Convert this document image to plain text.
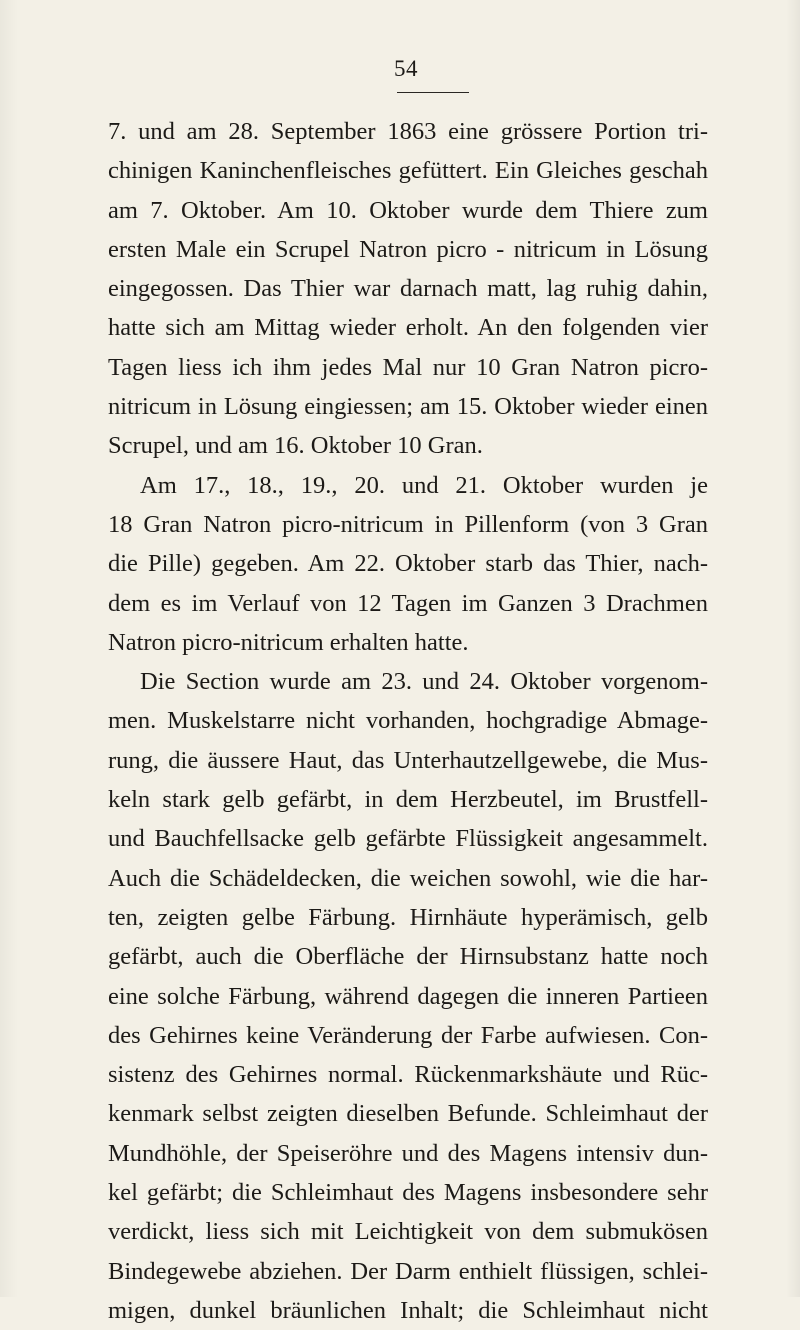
54
7. und am 28. September 1863 eine grössere Portion tri-
chinigen Kaninchenfleisches gefüttert. Ein Gleiches geschah
am 7. Oktober. Am 10. Oktober wurde dem Thiere zum
ersten Male ein Scrupel Natron picro - nitricum in Lösung
eingegossen. Das Thier war darnach matt, lag ruhig dahin,
hatte sich am Mittag wieder erholt. An den folgenden vier
Tagen liess ich ihm jedes Mal nur 10 Gran Natron picro-
nitricum in Lösung eingiessen; am 15. Oktober wieder einen
Scrupel, und am 16. Oktober 10 Gran.
Am 17., 18., 19., 20. und 21. Oktober wurden je
18 Gran Natron picro-nitricum in Pillenform (von 3 Gran
die Pille) gegeben. Am 22. Oktober starb das Thier, nach-
dem es im Verlauf von 12 Tagen im Ganzen 3 Drachmen
Natron picro-nitricum erhalten hatte.
Die Section wurde am 23. und 24. Oktober vorgenom-
men. Muskelstarre nicht vorhanden, hochgradige Abmage-
rung, die äussere Haut, das Unterhautzellgewebe, die Mus-
keln stark gelb gefärbt, in dem Herzbeutel, im Brustfell-
und Bauchfellsacke gelb gefärbte Flüssigkeit angesammelt.
Auch die Schädeldecken, die weichen sowohl, wie die har-
ten, zeigten gelbe Färbung. Hirnhäute hyperämisch, gelb
gefärbt, auch die Oberfläche der Hirnsubstanz hatte noch
eine solche Färbung, während dagegen die inneren Partieen
des Gehirnes keine Veränderung der Farbe aufwiesen. Con-
sistenz des Gehirnes normal. Rückenmarkshäute und Rüc-
kenmark selbst zeigten dieselben Befunde. Schleimhaut der
Mundhöhle, der Speiseröhre und des Magens intensiv dun-
kel gefärbt; die Schleimhaut des Magens insbesondere sehr
verdickt, liess sich mit Leichtigkeit von dem submukösen
Bindegewebe abziehen. Der Darm enthielt flüssigen, schlei-
migen, dunkel bräunlichen Inhalt; die Schleimhaut nicht
